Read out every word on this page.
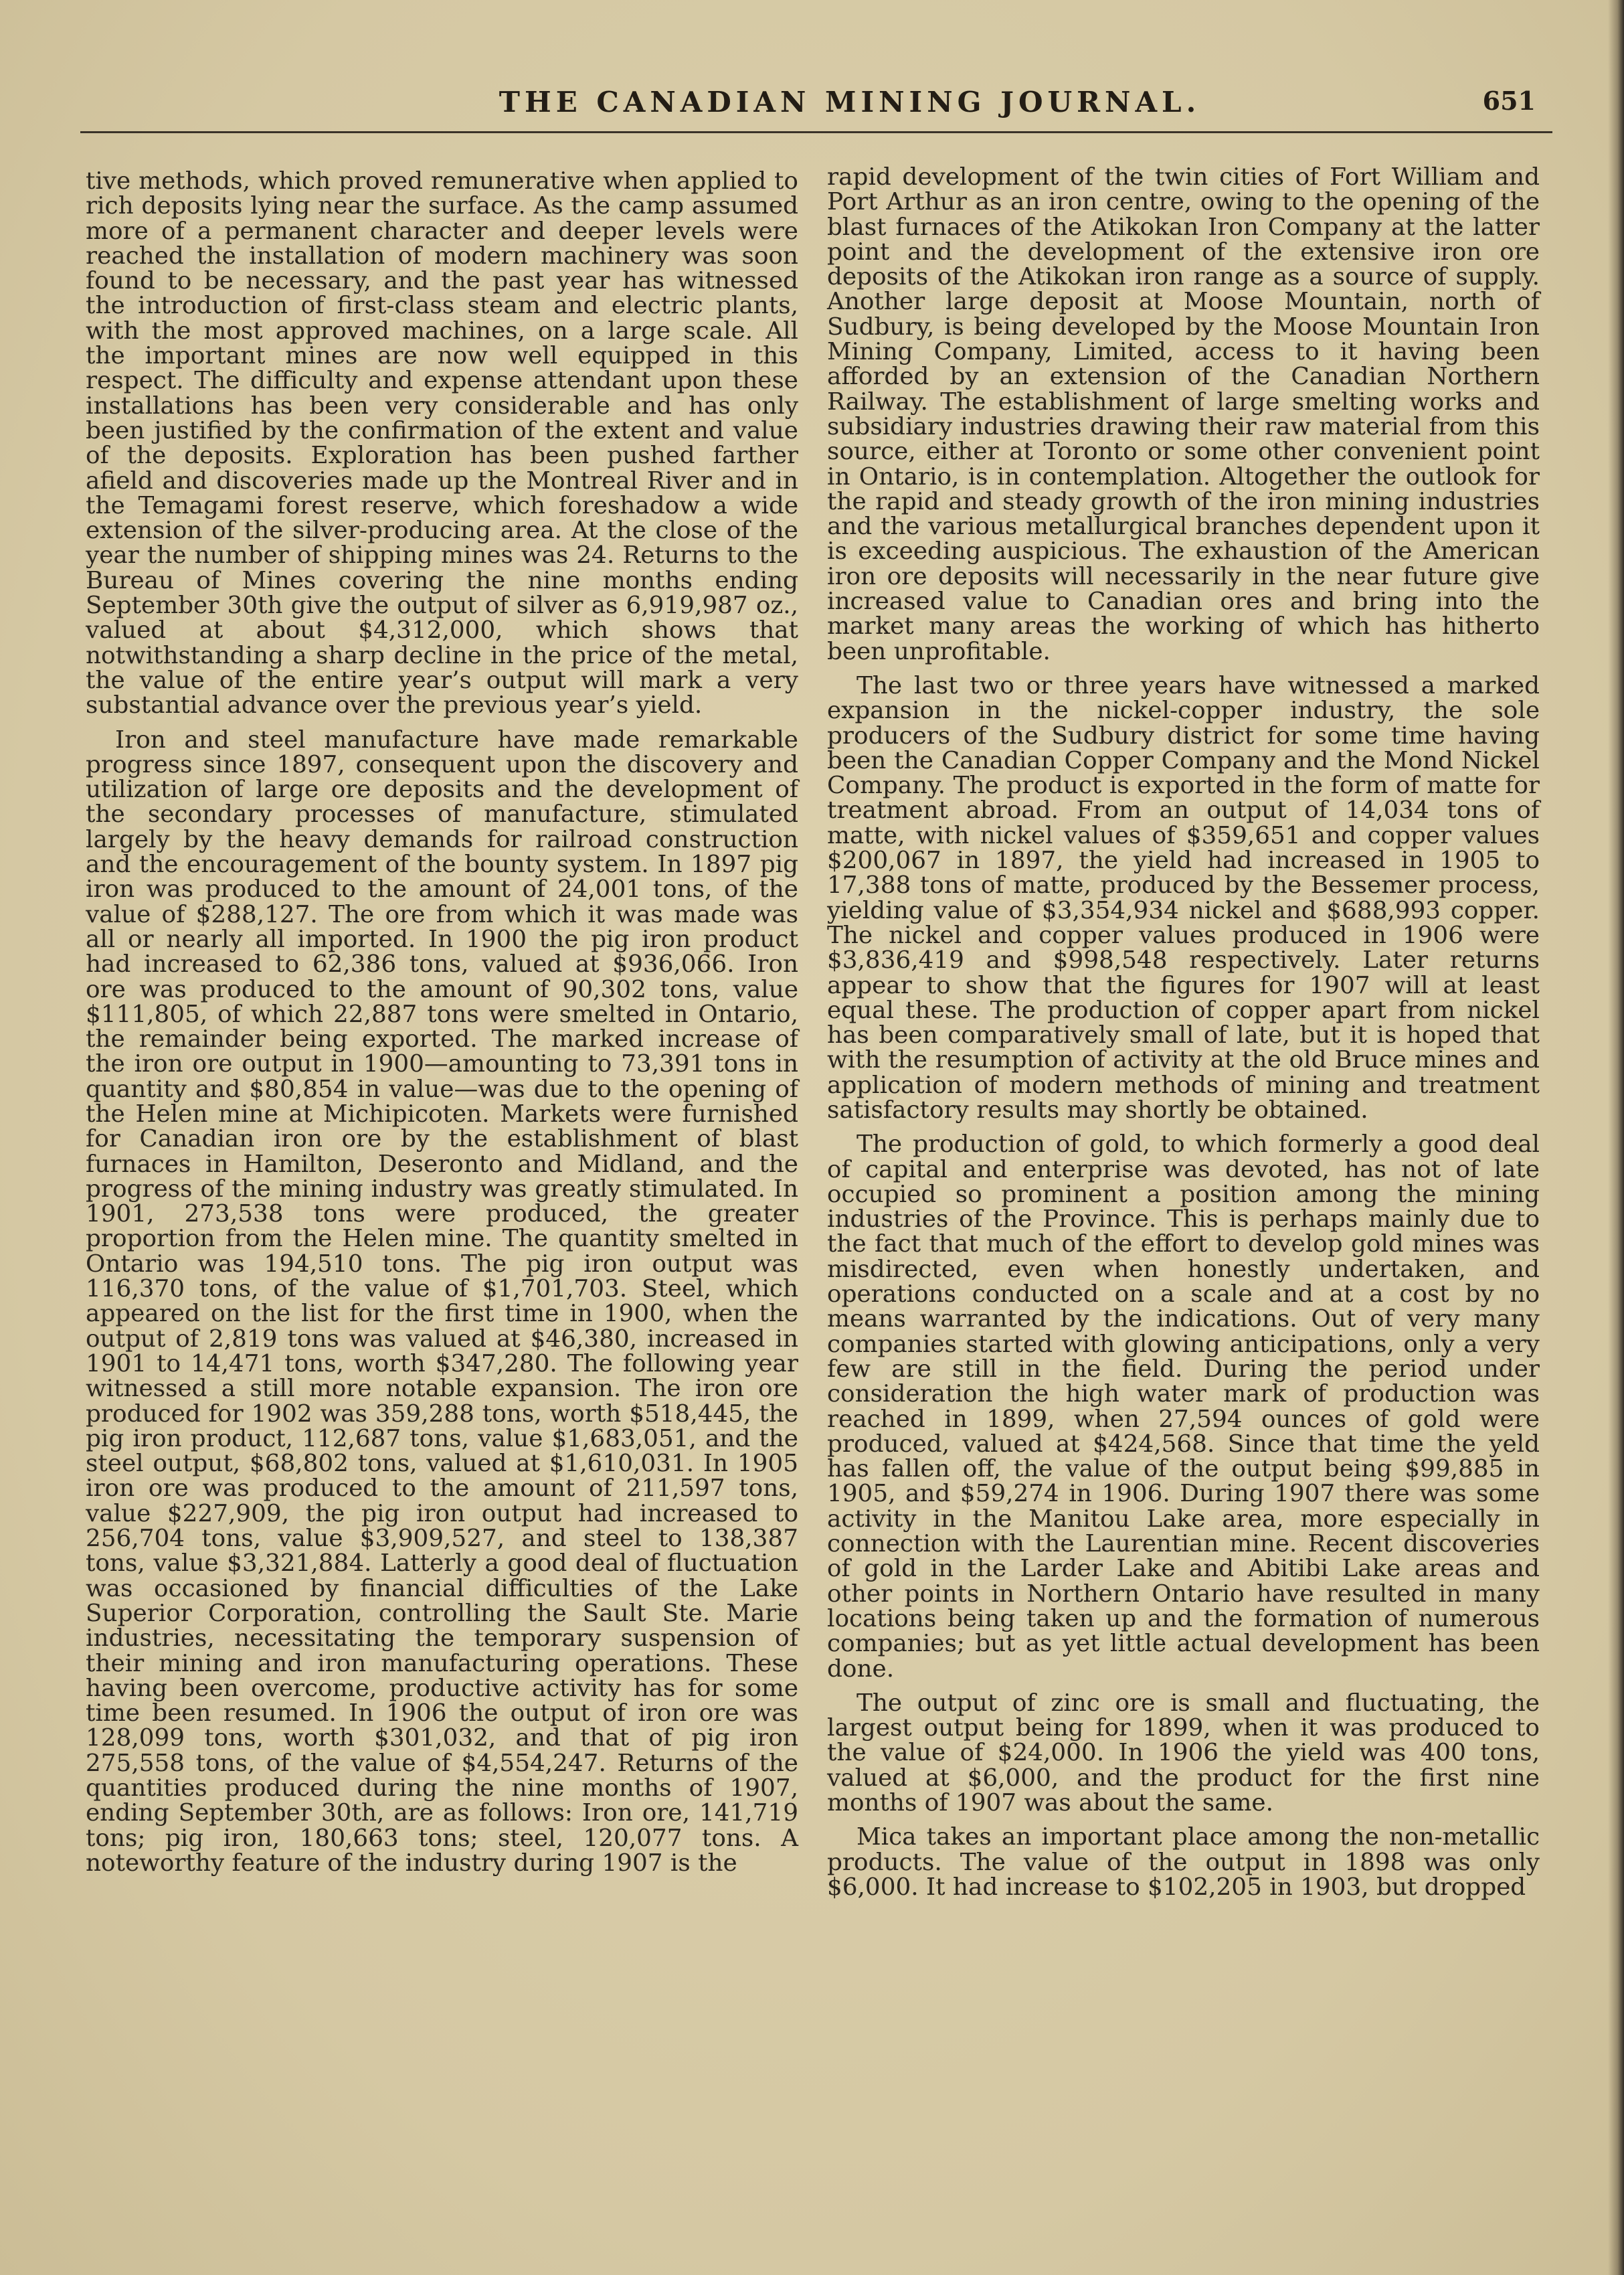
THE CANADIAN MINING JOURNAL.	651

tive methods, which proved remunerative when applied to rich deposits lying near the surface. As the camp assumed more of a permanent character and deeper levels were reached the installation of modern machinery was soon found to be necessary, and the past year has witnessed the introduction of first-class steam and electric plants, with the most approved machines, on a large scale. All the important mines are now well equipped in this respect. The difficulty and expense attendant upon these installations has been very considerable and has only been justified by the confirmation of the extent and value of the deposits. Exploration has been pushed farther afield and discoveries made up the Montreal River and in the Temagami forest reserve, which foreshadow a wide extension of the silver-producing area. At the close of the year the number of shipping mines was 24. Returns to the Bureau of Mines covering the nine months ending September 30th give the output of silver as 6,919,987 oz., valued at about $4,312,000, which shows that notwithstanding a sharp decline in the price of the metal, the value of the entire year’s output will mark a very substantial advance over the previous year’s yield.

Iron and steel manufacture have made remarkable progress since 1897, consequent upon the discovery and utilization of large ore deposits and the development of the secondary processes of manufacture, stimulated largely by the heavy demands for railroad construction and the encouragement of the bounty system. In 1897 pig iron was produced to the amount of 24,001 tons, of the value of $288,127. The ore from which it was made was all or nearly all imported. In 1900 the pig iron product had increased to 62,386 tons, valued at $936,066. Iron ore was produced to the amount of 90,302 tons, value $111,805, of which 22,887 tons were smelted in Ontario, the remainder being exported. The marked increase of the iron ore output in 1900—amounting to 73,391 tons in quantity and $80,854 in value—was due to the opening of the Helen mine at Michipicoten. Markets were furnished for Canadian iron ore by the establishment of blast furnaces in Hamilton, Deseronto and Midland, and the progress of the mining industry was greatly stimulated. In 1901, 273,538 tons were produced, the greater proportion from the Helen mine. The quantity smelted in Ontario was 194,510 tons. The pig iron output was 116,370 tons, of the value of $1,701,703. Steel, which appeared on the list for the first time in 1900, when the output of 2,819 tons was valued at $46,380, increased in 1901 to 14,471 tons, worth $347,280. The following year witnessed a still more notable expansion. The iron ore produced for 1902 was 359,288 tons, worth $518,445, the pig iron product, 112,687 tons, value $1,683,051, and the steel output, $68,802 tons, valued at $1,610,031. In 1905 iron ore was produced to the amount of 211,597 tons, value $227,909, the pig iron output had increased to 256,704 tons, value $3,909,527, and steel to 138,387 tons, value $3,321,884. Latterly a good deal of fluctuation was occasioned by financial difficulties of the Lake Superior Corporation, controlling the Sault Ste. Marie industries, necessitating the temporary suspension of their mining and iron manufacturing operations. These having been overcome, productive activity has for some time been resumed. In 1906 the output of iron ore was 128,099 tons, worth $301,032, and that of pig iron 275,558 tons, of the value of $4,554,247. Returns of the quantities produced during the nine months of 1907, ending September 30th, are as follows: Iron ore, 141,719 tons; pig iron, 180,663 tons; steel, 120,077 tons. A noteworthy feature of the industry during 1907 is the

rapid development of the twin cities of Fort William and Port Arthur as an iron centre, owing to the opening of the blast furnaces of the Atikokan Iron Company at the latter point and the development of the extensive iron ore deposits of the Atikokan iron range as a source of supply. Another large deposit at Moose Mountain, north of Sudbury, is being developed by the Moose Mountain Iron Mining Company, Limited, access to it having been afforded by an extension of the Canadian Northern Railway. The establishment of large smelting works and subsidiary industries drawing their raw material from this source, either at Toronto or some other convenient point in Ontario, is in contemplation. Altogether the outlook for the rapid and steady growth of the iron mining industries and the various metallurgical branches dependent upon it is exceeding auspicious. The exhaustion of the American iron ore deposits will necessarily in the near future give increased value to Canadian ores and bring into the market many areas the working of which has hitherto been unprofitable.

The last two or three years have witnessed a marked expansion in the nickel-copper industry, the sole producers of the Sudbury district for some time having been the Canadian Copper Company and the Mond Nickel Company. The product is exported in the form of matte for treatment abroad. From an output of 14,034 tons of matte, with nickel values of $359,651 and copper values $200,067 in 1897, the yield had increased in 1905 to 17,388 tons of matte, produced by the Bessemer process, yielding value of $3,354,934 nickel and $688,993 copper. The nickel and copper values produced in 1906 were $3,836,419 and $998,548 respectively. Later returns appear to show that the figures for 1907 will at least equal these. The production of copper apart from nickel has been comparatively small of late, but it is hoped that with the resumption of activity at the old Bruce mines and application of modern methods of mining and treatment satisfactory results may shortly be obtained.

The production of gold, to which formerly a good deal of capital and enterprise was devoted, has not of late occupied so prominent a position among the mining industries of the Province. This is perhaps mainly due to the fact that much of the effort to develop gold mines was misdirected, even when honestly undertaken, and operations conducted on a scale and at a cost by no means warranted by the indications. Out of very many companies started with glowing anticipations, only a very few are still in the field. During the period under consideration the high water mark of production was reached in 1899, when 27,594 ounces of gold were produced, valued at $424,568. Since that time the yeld has fallen off, the value of the output being $99,885 in 1905, and $59,274 in 1906. During 1907 there was some activity in the Manitou Lake area, more especially in connection with the Laurentian mine. Recent discoveries of gold in the Larder Lake and Abitibi Lake areas and other points in Northern Ontario have resulted in many locations being taken up and the formation of numerous companies; but as yet little actual development has been done.

The output of zinc ore is small and fluctuating, the largest output being for 1899, when it was produced to the value of $24,000. In 1906 the yield was 400 tons, valued at $6,000, and the product for the first nine months of 1907 was about the same.

Mica takes an important place among the non-metallic products. The value of the output in 1898 was only $6,000. It had increase to $102,205 in 1903, but dropped
